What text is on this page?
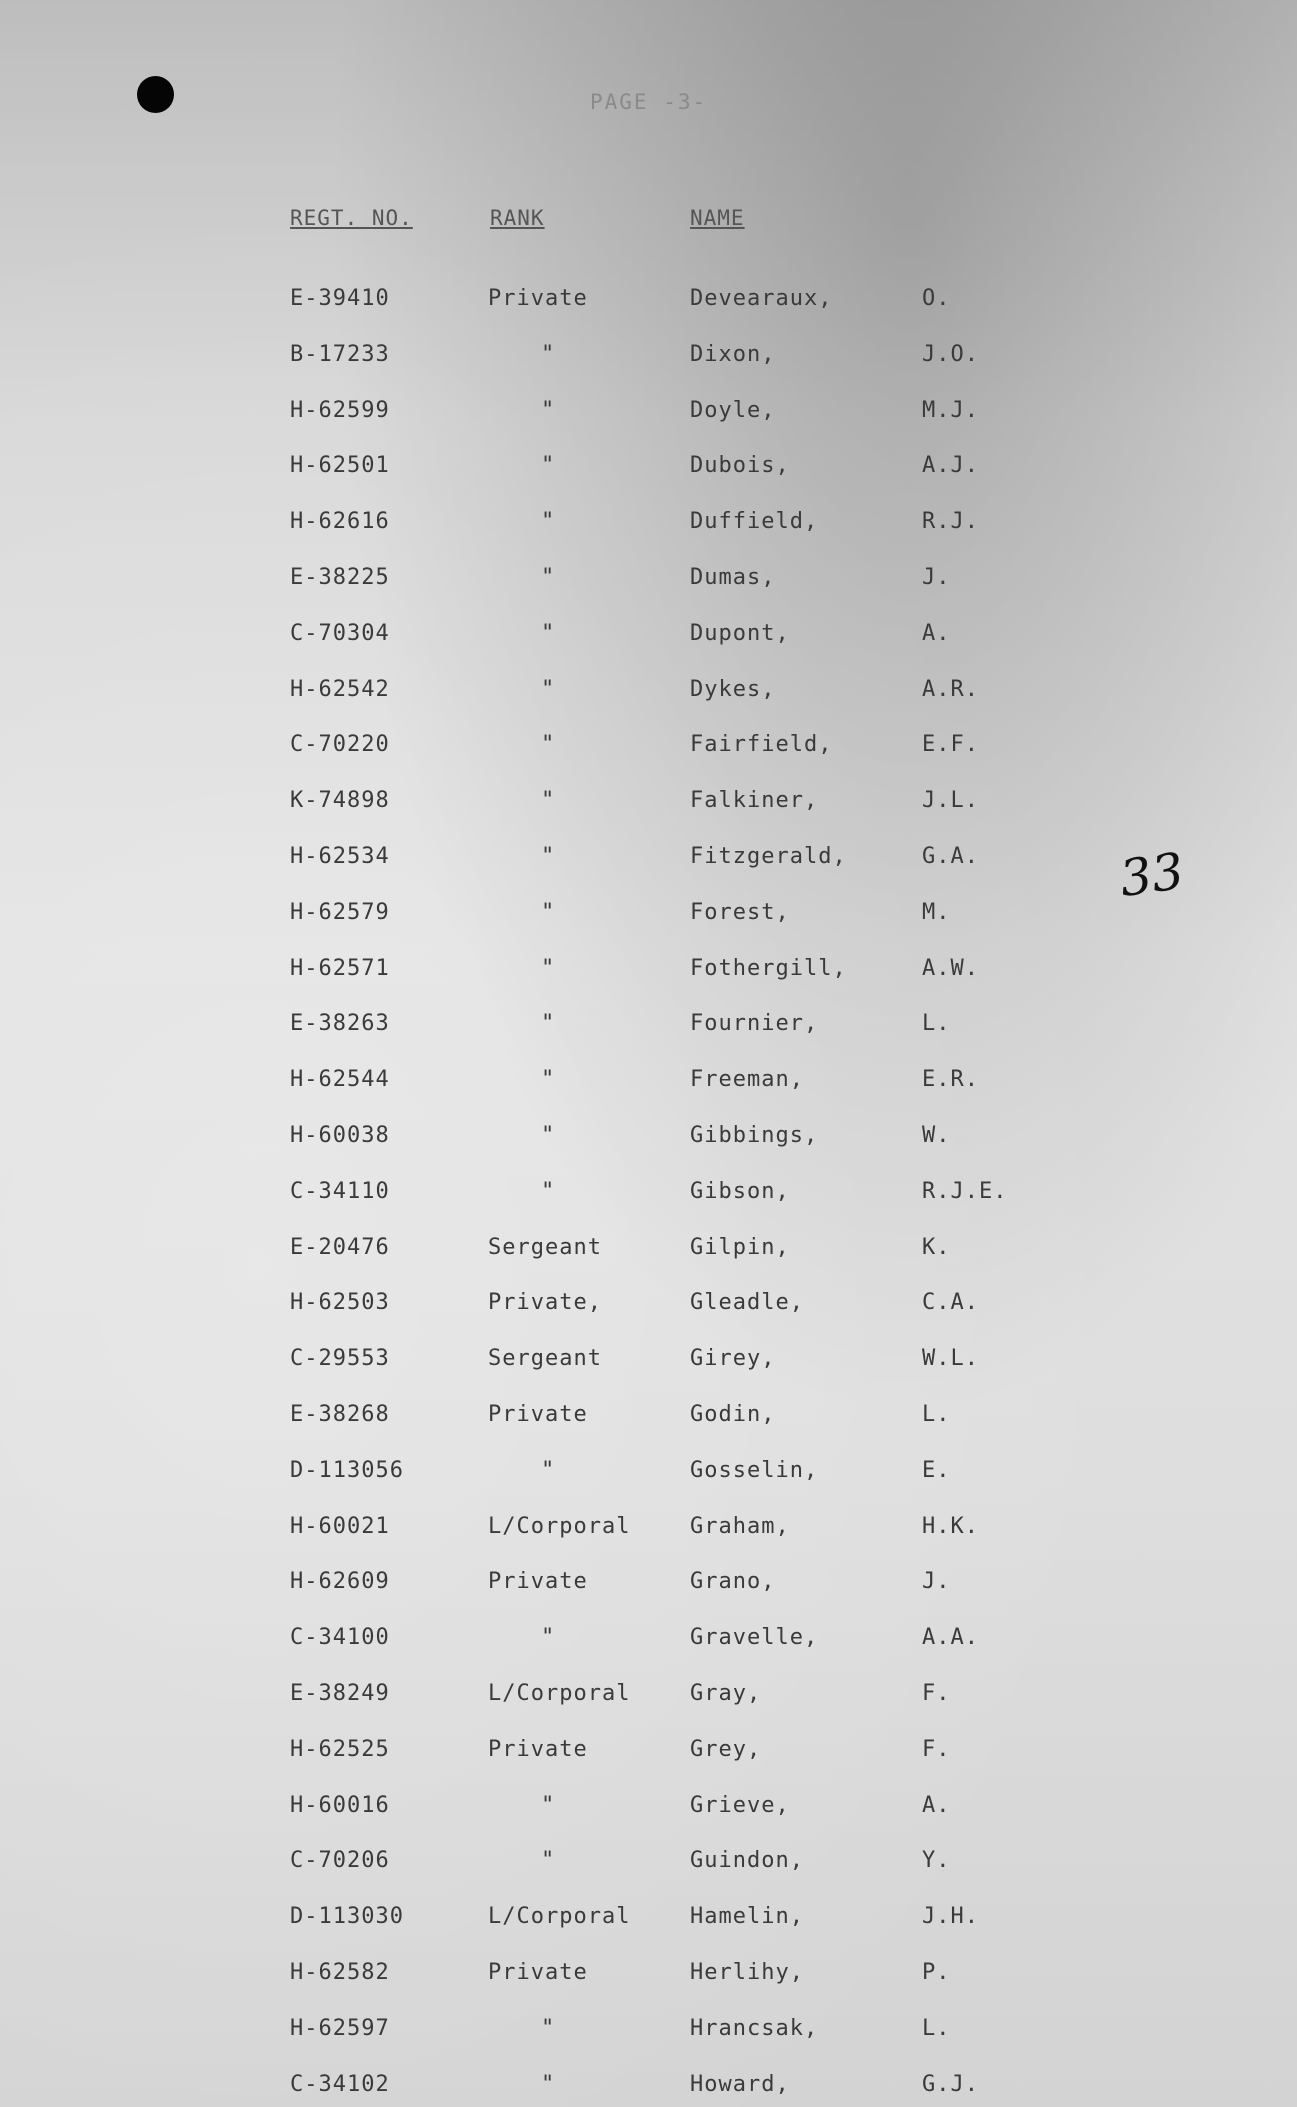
PAGE -3-
REGT. NO.	RANK	NAME
E-39410	Private	Devearaux,	O.
B-17233	"	Dixon,	J.O.
H-62599	"	Doyle,	M.J.
H-62501	"	Dubois,	A.J.
H-62616	"	Duffield,	R.J.
E-38225	"	Dumas,	J.
C-70304	"	Dupont,	A.
H-62542	"	Dykes,	A.R.
C-70220	"	Fairfield,	E.F.
K-74898	"	Falkiner,	J.L.
H-62534	"	Fitzgerald,	G.A.
H-62579	"	Forest,	M.
H-62571	"	Fothergill,	A.W.
E-38263	"	Fournier,	L.
H-62544	"	Freeman,	E.R.
H-60038	"	Gibbings,	W.
C-34110	"	Gibson,	R.J.E.
E-20476	Sergeant	Gilpin,	K.
H-62503	Private,	Gleadle,	C.A.
C-29553	Sergeant	Girey,	W.L.
E-38268	Private	Godin,	L.
D-113056	"	Gosselin,	E.
H-60021	L/Corporal	Graham,	H.K.
H-62609	Private	Grano,	J.
C-34100	"	Gravelle,	A.A.
E-38249	L/Corporal	Gray,	F.
H-62525	Private	Grey,	F.
H-60016	"	Grieve,	A.
C-70206	"	Guindon,	Y.
D-113030	L/Corporal	Hamelin,	J.H.
H-62582	Private	Herlihy,	P.
H-62597	"	Hrancsak,	L.
C-34102	"	Howard,	G.J.
33
